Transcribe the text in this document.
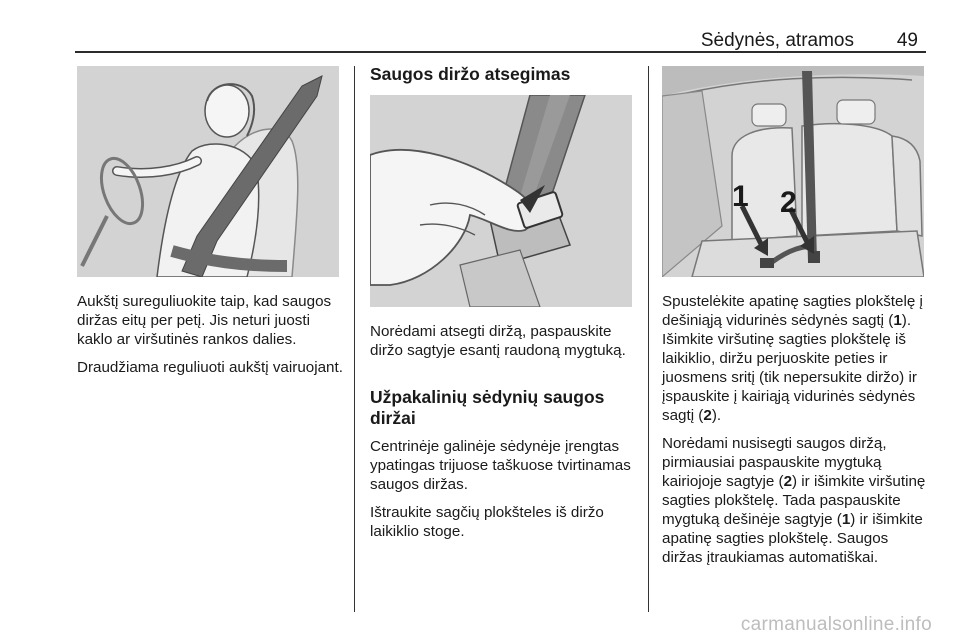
Sėdynės, atramos	49

Aukštį sureguliuokite taip, kad saugos diržas eitų per petį. Jis neturi juosti kaklo ar viršutinės rankos dalies.

Draudžiama reguliuoti aukštį vairuojant.

Saugos diržo atsegimas

Norėdami atsegti diržą, paspauskite diržo sagtyje esantį raudoną mygtuką.

Užpakalinių sėdynių saugos diržai

Centrinėje galinėje sėdynėje įrengtas ypatingas trijuose taškuose tvirtinamas saugos diržas.

Ištraukite sagčių plokšteles iš diržo laikiklio stoge.

1 2

Spustelėkite apatinę sagties plokštelę į dešiniąją vidurinės sėdynės sagtį (1). Išimkite viršutinę sagties plokštelę iš laikiklio, diržu perjuoskite peties ir juosmens sritį (tik nepersukite diržo) ir įspauskite į kairiąją vidurinės sėdynės sagtį (2).

Norėdami nusisegti saugos diržą, pirmiausiai paspauskite mygtuką kairiojoje sagtyje (2) ir išimkite viršutinę sagties plokštelę. Tada paspauskite mygtuką dešinėje sagtyje (1) ir išimkite apatinę sagties plokštelę. Saugos diržas įtraukiamas automatiškai.

carmanualsonline.info
